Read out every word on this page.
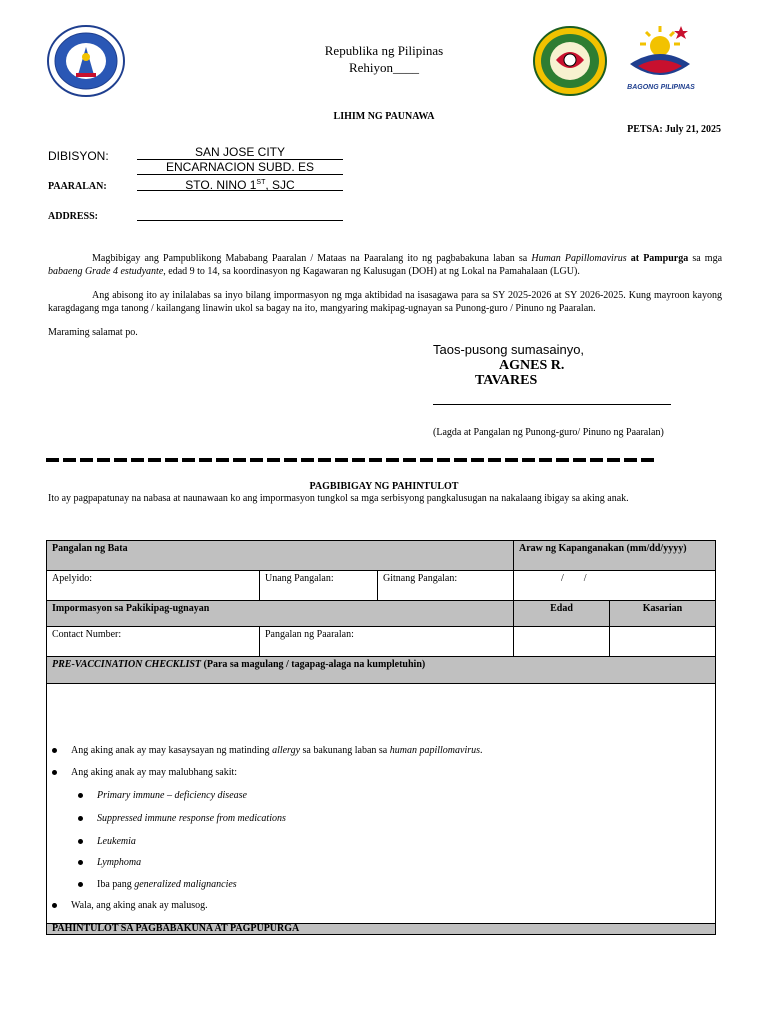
BAGONG PILIPINAS
Republika ng Pilipinas
Rehiyon____
LIHIM NG PAUNAWA
PETSA: July 21, 2025
DIBISYON:	SAN JOSE CITY
ENCARNACION SUBD. ES
PAARALAN:	STO. NINO 1ST, SJC
ADDRESS:
Magbibigay ang Pampublikong Mababang Paaralan / Mataas na Paaralang ito ng pagbabakuna laban sa Human Papillomavirus at Pampurga sa mga babaeng Grade 4 estudyante, edad 9 to 14, sa koordinasyon ng Kagawaran ng Kalusugan (DOH) at ng Lokal na Pamahalaan (LGU).
Ang abisong ito ay inilalabas sa inyo bilang impormasyon ng mga aktibidad na isasagawa para sa SY 2025-2026 at SY 2026-2025. Kung mayroon kayong karagdagang mga tanong / kailangang linawin ukol sa bagay na ito, mangyaring makipag-ugnayan sa Punong-guro / Pinuno ng Paaralan.
Maraming salamat po.
Taos-pusong sumasainyo,
AGNES R.
TAVARES
(Lagda at Pangalan ng Punong-guro/ Pinuno ng Paaralan)
PAGBIBIGAY NG PAHINTULOT
Ito ay pagpapatunay na nabasa at naunawaan ko ang impormasyon tungkol sa mga serbisyong pangkalusugan na nakalaang ibigay sa aking anak.
Pangalan ng Bata			Araw ng Kapanganakan (mm/dd/yyyy)	
Apelyido:	Unang Pangalan:	Gitnang Pangalan:	/        /	
Impormasyon sa Pakikipag-ugnayan			Edad	Kasarian
Contact Number:	Pangalan ng Paaralan:			
PRE-VACCINATION CHECKLIST (Para sa magulang / tagapag-alaga na kumpletuhin)				

PAHINTULOT SA PAGBABAKUNA AT PAGPUPURGA				
Ang aking anak ay may kasaysayan ng matinding allergy sa bakunang laban sa human papillomavirus.
Ang aking anak ay may malubhang sakit:
Primary immune – deficiency disease
Suppressed immune response from medications
Leukemia
Lymphoma
Iba pang generalized malignancies
Wala, ang aking anak ay malusog.
